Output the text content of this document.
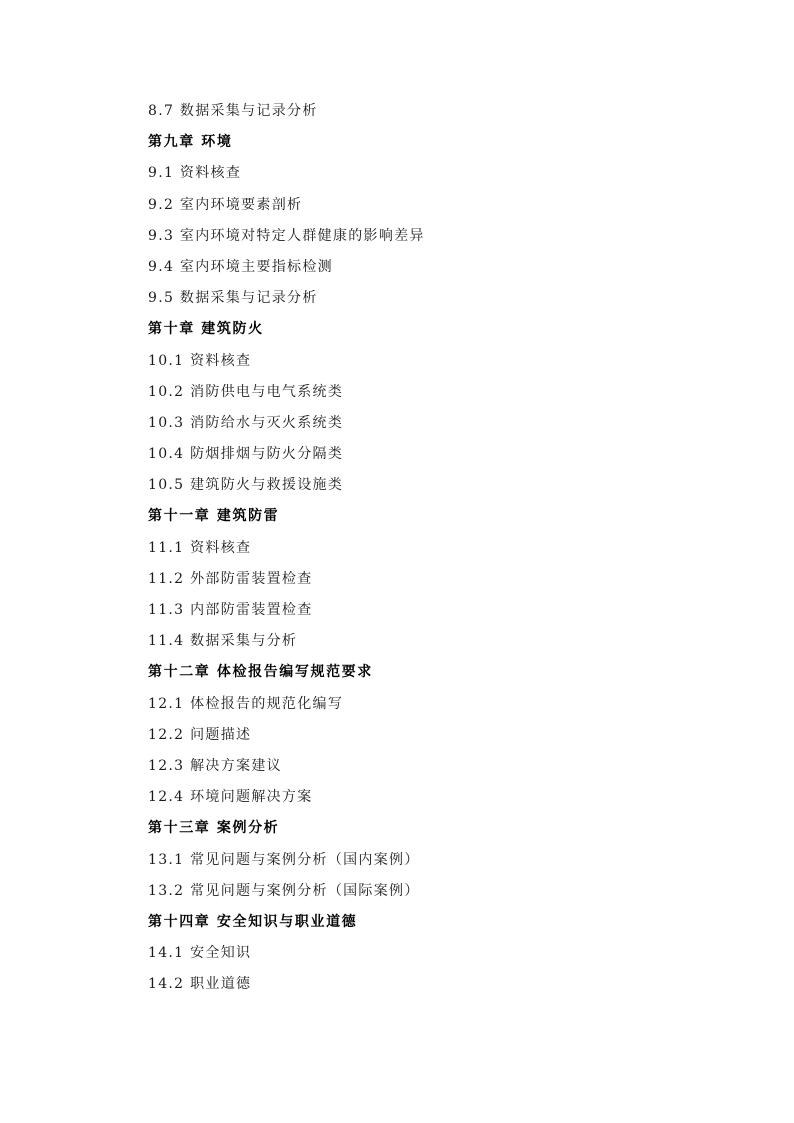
8.7 数据采集与记录分析
第九章 环境
9.1 资料核查
9.2 室内环境要素剖析
9.3 室内环境对特定人群健康的影响差异
9.4 室内环境主要指标检测
9.5 数据采集与记录分析
第十章 建筑防火
10.1 资料核查
10.2 消防供电与电气系统类
10.3 消防给水与灭火系统类
10.4 防烟排烟与防火分隔类
10.5 建筑防火与救援设施类
第十一章 建筑防雷
11.1 资料核查
11.2 外部防雷装置检查
11.3 内部防雷装置检查
11.4 数据采集与分析
第十二章 体检报告编写规范要求
12.1 体检报告的规范化编写
12.2 问题描述
12.3 解决方案建议
12.4 环境问题解决方案
第十三章 案例分析
13.1 常见问题与案例分析（国内案例）
13.2 常见问题与案例分析（国际案例）
第十四章 安全知识与职业道德
14.1 安全知识
14.2 职业道德
